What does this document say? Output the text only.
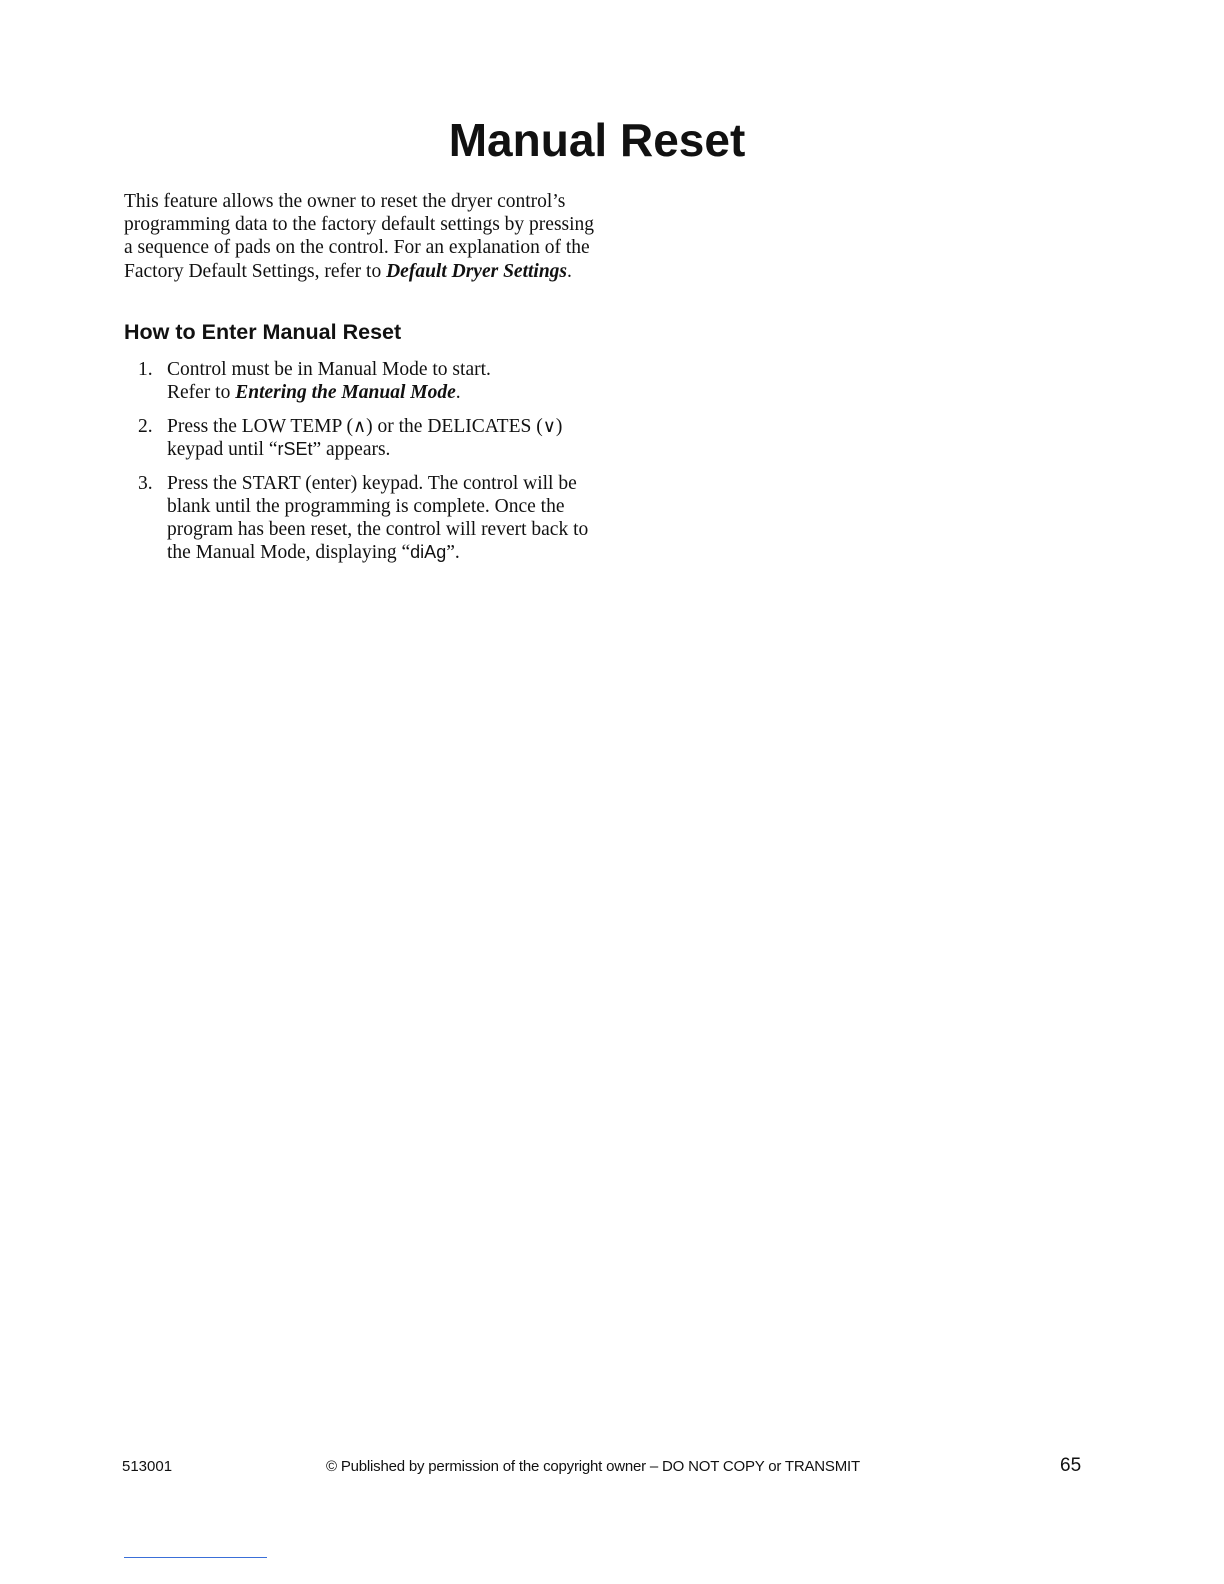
Manual Reset

This feature allows the owner to reset the dryer control’s programming data to the factory default settings by pressing a sequence of pads on the control. For an explanation of the Factory Default Settings, refer to Default Dryer Settings.

How to Enter Manual Reset
1. Control must be in Manual Mode to start.
Refer to Entering the Manual Mode.
2. Press the LOW TEMP (∧) or the DELICATES (∨) keypad until “rSEt” appears.
3. Press the START (enter) keypad. The control will be blank until the programming is complete. Once the program has been reset, the control will revert back to the Manual Mode, displaying “diAg”.
513001	© Published by permission of the copyright owner – DO NOT COPY or TRANSMIT	65
